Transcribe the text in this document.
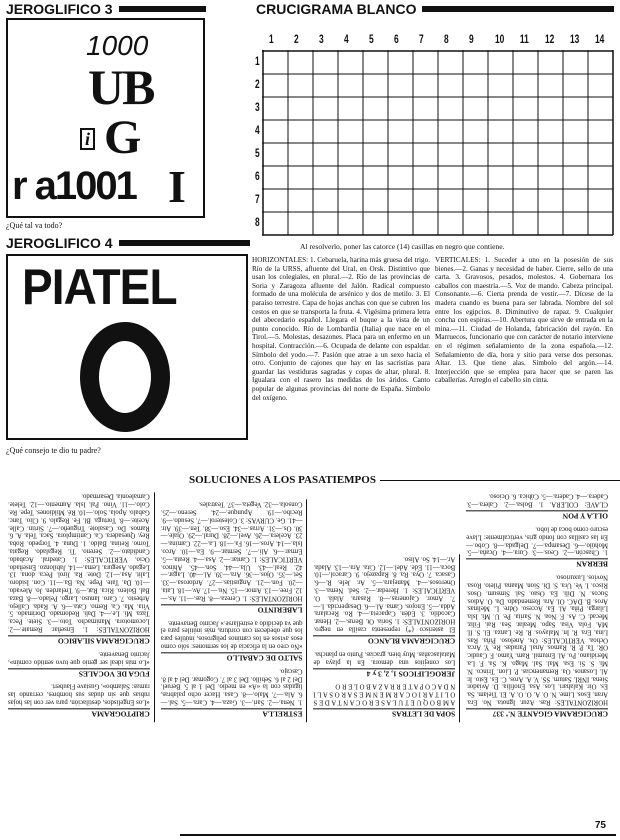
JEROGLIFICO 3
1000
UB
i G
r a1001 I
¿Qué tal va todo?
JEROGLIFICO 4
PIATEL
¿Qué consejo te dio tu padre?
CRUCIGRAMA BLANCO
1 2 3 4 5 6 7 8 9 10 11 12 13 14
1
2
3
4
5
6
7
8
Al resolverlo, poner las catorce (14) casillas en negro que contiene.
HORIZONTALES: 1. Cebaruela, harina más gruesa del trigo. Río de la URSS, afluente del Ural, en Orsk. Distintivo que usan los colegiales, en plural.—2. Río de las provincias de Soria y Zaragoza afluente del Jalón. Radical compuesto formado de una molécula de arsénico y dos de metilo. 3. El paraíso terrestre. Capa de hojas anchas con que se cubren los cestos en que se transporta la fruta. 4. Vigésima primera letra del abecedario español. Llegara el buque a la vista de un punto conocido. Río de Lombardía (Italia) que nace en el Tirol.—5. Molestas, desazones. Placa para un enfermo en un hospital. Contracción.—6. Ocupada de delante con espaldar. Símbolo del yodo.—7. Pasión que atrae a un sexo hacia el otro. Conjunto de cajones que hay en las sacristías para guardar las vestiduras sagradas y copas de altar, plural. 8. Igualara con el rasero las medidas de los áridos. Canto popular de algunas provincias del norte de España. Símbolo del oxígeno.
VERTICALES: 1. Suceder a uno en la posesión de sus bienes.—2. Ganas y necesidad de haber. Cierre, sello de una carta. 3. Gravosos, pesados, molestos. 4. Gobernara los caballos con maestría.—5. Voz de mando. Cabeza principal. Consonante.—6. Cierta prenda de vestir.—7. Dícese de la madera cuando es buena para ser labrada. Nombre del sol entre los egipcios. 8. Diminutivo de rapaz. 9. Cualquier concha con espiras.—10. Abertura que sirve de entrada en la mina.—11. Ciudad de Holanda, fabricación del rayón. En Marruecos, funcionario que con carácter de notario interviene en el régimen señalamiento de la zona española.—12. Señalamiento de día, hora y sitio para verse dos personas. Altar. 13. Que tiene alas. Símbolo del argón.—14. Interjección que se emplea para hacer que se paren las caballerías. Arreglo el cabello sin cinta.
SOLUCIONES A LOS PASATIEMPOS
CRUCIGRAMA GIGANTE N.º 337
HORIZONTALES: Ras. Azur. Ignota. No. Era. Aran. Esos. Lime. N. O. A. O. O. A. El. Tielam. Sa. Es. Oir. Kalahari. Los. Asa. Enofilia. D. Aviador. Siena. INRI. Saturn. SS. V. A. Aros. C. Es. Esto. Ir. Al. Losanos. Oa. Remanencias. P. Lion. Trinco. N. Mi. S. Si. Esa. Mal. Sal. Mago. K. Sa. F. La. Meridiano. Po. Al. Entumil. Ram. Yamo. F. Caudic. OR. Ta. P. R. Ramos. Anal. Paradas. Re. Y. Arca. Ochoa. VERTICALES: Ox. Aneloso. Piña. Ras. Lina. Era. R. In. Malayos. R. Re. Lanza. El. S. II. MA. Fola. Visa. Sapo. Mealar. Sea. Rai. Filiz. Mecad. C. As. F. Noa. N. Sarita. Pe. U. Mi. Isla. Lilarga. Piña. Al. Ea. Acceso. Odre. L. Melinas. Aros. B. DAC. Ol. Ara. Remendado. Da. O. Adios. Sucos. N. Dili. Ea. Osao. Sal. Simsum. Osos. Risco. I. Ve. Ura. S. Di. Sion. Maana. Pileto. Rosa. Novios. Luxurioso.
BERRAN
1. Chascón.—2. Ceos.—3. Cura.—4. Ocaña.—5. Mohúlo.—6. Desampa.—7. Delgada.—8. Cobo.—En las casillas con fondo gris, verticalmente: Llave escuro como boca de lobo.
OLLA Y PON
CLAVE: COLERA. 1. Bolsa.—2. Calera.—3. Cadera.—4. Cadera.—5. Cúbica. 6. Ocioso.
SOPA DE LETRAS
A M B O Q U E T U L A S E R O C A N T A D E S O L I T A R I O C A R M E N M E S A R O S A L I N D A C O P A T E R R A Z A B O L E R O
JEROGLIFICOS 1, 2, 3 y 4
Los conejitos una demora. En la playa de Matalascañas. Muy bien, gracias. Punto en plancha.
CRUCIGRAMA BLANCO
El asterisco (*) representa casilla en negro. HORIZONTALES: 1. Soria. Ot. Berus.—2. Henar. Cacodilo. 3. Edén. Capaceta.—4. Ro. Recalara. Adda.—5. Enojos. Cama. Al.—6. Desapercida. I.—7. Amor. Cajoneras.—8. Rasara. Alalá. O. VERTICALES: 1. Heredar.—2. Sed. Nema.—3. Onerosos.—4. Manejara.—5. Ar. Jefe. R.—6. Casaca. 7. Oya. Ra. 8. Rapazejo. 9. Caracol.—10. Boca.—11. Ede. Adel.—12. Cita. Ara.—13. Alada. Ar.—14. So. Aliso.
ESTRELLA
1. Nena.—2. Sari.—3. Gaza.—4. Cara.—5. Sal.—6. Ala.—7. Malo.—8. Casa. Hacer ocho palabras, ligadas con la «A» en medio. Del 1 al 5. Beruel. Del 2 al 6. Sebillo. Del 3 al 7. Cogomar. Del 4 al 8. Cascajo.
SALTO DE CABALLO
«No creo en la eficacia de los sermones: sólo como esos avisos en los caminos peligrosos, inútiles para los que obedecen con cordura, más inútiles para el que va decidido a estrellarse.» Jacinto Benavente.
LABERINTO
HORIZONTALES: 1. Cereza.—8. Ras.—11. As.—12. Free.—13. Amor.—15. Nu.—17. Av.—18. Lata.—20. Fon.—21. Angustias.—27. Ardorosa.—33. Set.—35. Ojos.—36. Ara.—39. Al.—40. Lagar.—42. Real.—43. Ula.—44. Son.—45. Ahínco. VERTICALES: 1. Cantar.—2. Asa.—4. Reata.—5. Ermar.—6. Ali.—7. Sermar.—9. Ea.—10. Arco. Isla.—14. Aros.—16. Fa.—18. La.—22. Camina.—23. Acelera.—26. Avel.—28. Dural.—29. Ojale.—30. Os.—31. Arras.—34. Eso.—38. Ten.—39. Atr.—41. Ge. CURVAS: 3. Colesterol.—7. Sesudo.—9. Recibo.—19. Apunque.—24. Sereno.—25. Consola.—32. Vegeta.—37. Teatrales.
CRIPTOGRAMA
«Los Engelisdos, destilación, para ver con las hojas rubias que sin dudas sus hombres, cerrando las ramas: Salambo», Gustave Flaubert.
FUGA DE VOCALES
«Lo más ideal ser genio que tuvo sentido común», Jacinto Benavente.
CRUCIGRAMA SILABICO
HORIZONTALES: 1. Enseñar. Remate.—2. Locomotora. Manimacho. Toto.—3. Siete. Peca. Taza. Mi. Le.—4. Dali. Redomado. Dorimado. 5. Vita. Ma. Ca. Remo. Cata.—6. A. Rada. Callejo. Arbesto. 7. Caro. Ianuso. Largo. Pelado.—8. Baza. Bal. Bolero. Rica. Rat.—9. Trelarden. Jo. Alevado.—10. Da. Tate. Pepe. Na. Ba.—11. Con. Isidoro. Lalit. Asa.—12. Dote. Ra. Jirol. Peca. dona. 13. Legado. Asegura. Lema.—14. Jabilonzo. Enseñado. Ocio. VERTICALES: 1. Catedral. Acabado. Candidato.—2. Sereno. Ti. Regalado. Regata. Torno. Retina. Baldo. 1. Duna. 4. Torpedo. Roba. Rey. Quesadera. Ca. Cantimplora. Saca. Tela. A. 6. Ramos. Do. Casalote. Trigueño.—7. Sirtin. Calle. Aceite.—8. Tortuga. Bl. Fe. Regalo. 9. Clio. Tanc. Gabalo. Apola. Solo.—10. Ré. Mildiones. Tepe. Re. Colo.—11. Vino. Pal. Isla. Aumento.—12. Telete. Camaleonía. Desarmado.
75
